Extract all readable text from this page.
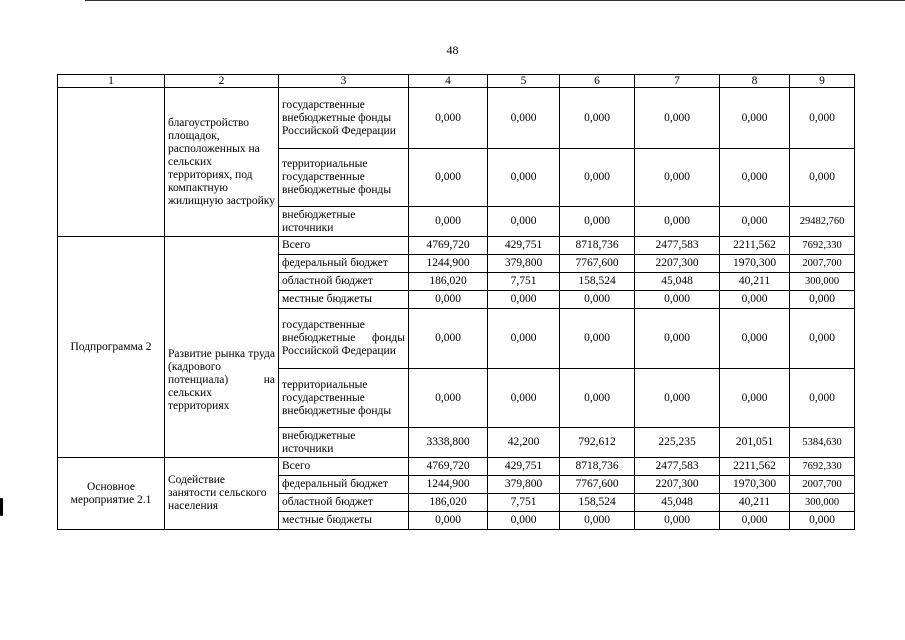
48
1	2	3	4	5	6	7	8	9
	благоустройство площадок, расположенных на сельских территориях, под компактную жилищную застройку	государственные внебюджетные фонды Российской Федерации	0,000	0,000	0,000	0,000	0,000	0,000
		территориальные государственные внебюджетные фонды	0,000	0,000	0,000	0,000	0,000	0,000
		внебюджетные источники	0,000	0,000	0,000	0,000	0,000	29482,760
Подпрограмма 2	Развитие рынка труда (кадрового потенциала) на сельских территориях	Всего	4769,720	429,751	8718,736	2477,583	2211,562	7692,330
		федеральный бюджет	1244,900	379,800	7767,600	2207,300	1970,300	2007,700
		областной бюджет	186,020	7,751	158,524	45,048	40,211	300,000
		местные бюджеты	0,000	0,000	0,000	0,000	0,000	0,000
		государственные внебюджетные фонды Российской Федерации	0,000	0,000	0,000	0,000	0,000	0,000
		территориальные государственные внебюджетные фонды	0,000	0,000	0,000	0,000	0,000	0,000
		внебюджетные источники	3338,800	42,200	792,612	225,235	201,051	5384,630
Основное мероприятие 2.1	Содействие занятости сельского населения	Всего	4769,720	429,751	8718,736	2477,583	2211,562	7692,330
		федеральный бюджет	1244,900	379,800	7767,600	2207,300	1970,300	2007,700
		областной бюджет	186,020	7,751	158,524	45,048	40,211	300,000
		местные бюджеты	0,000	0,000	0,000	0,000	0,000	0,000
